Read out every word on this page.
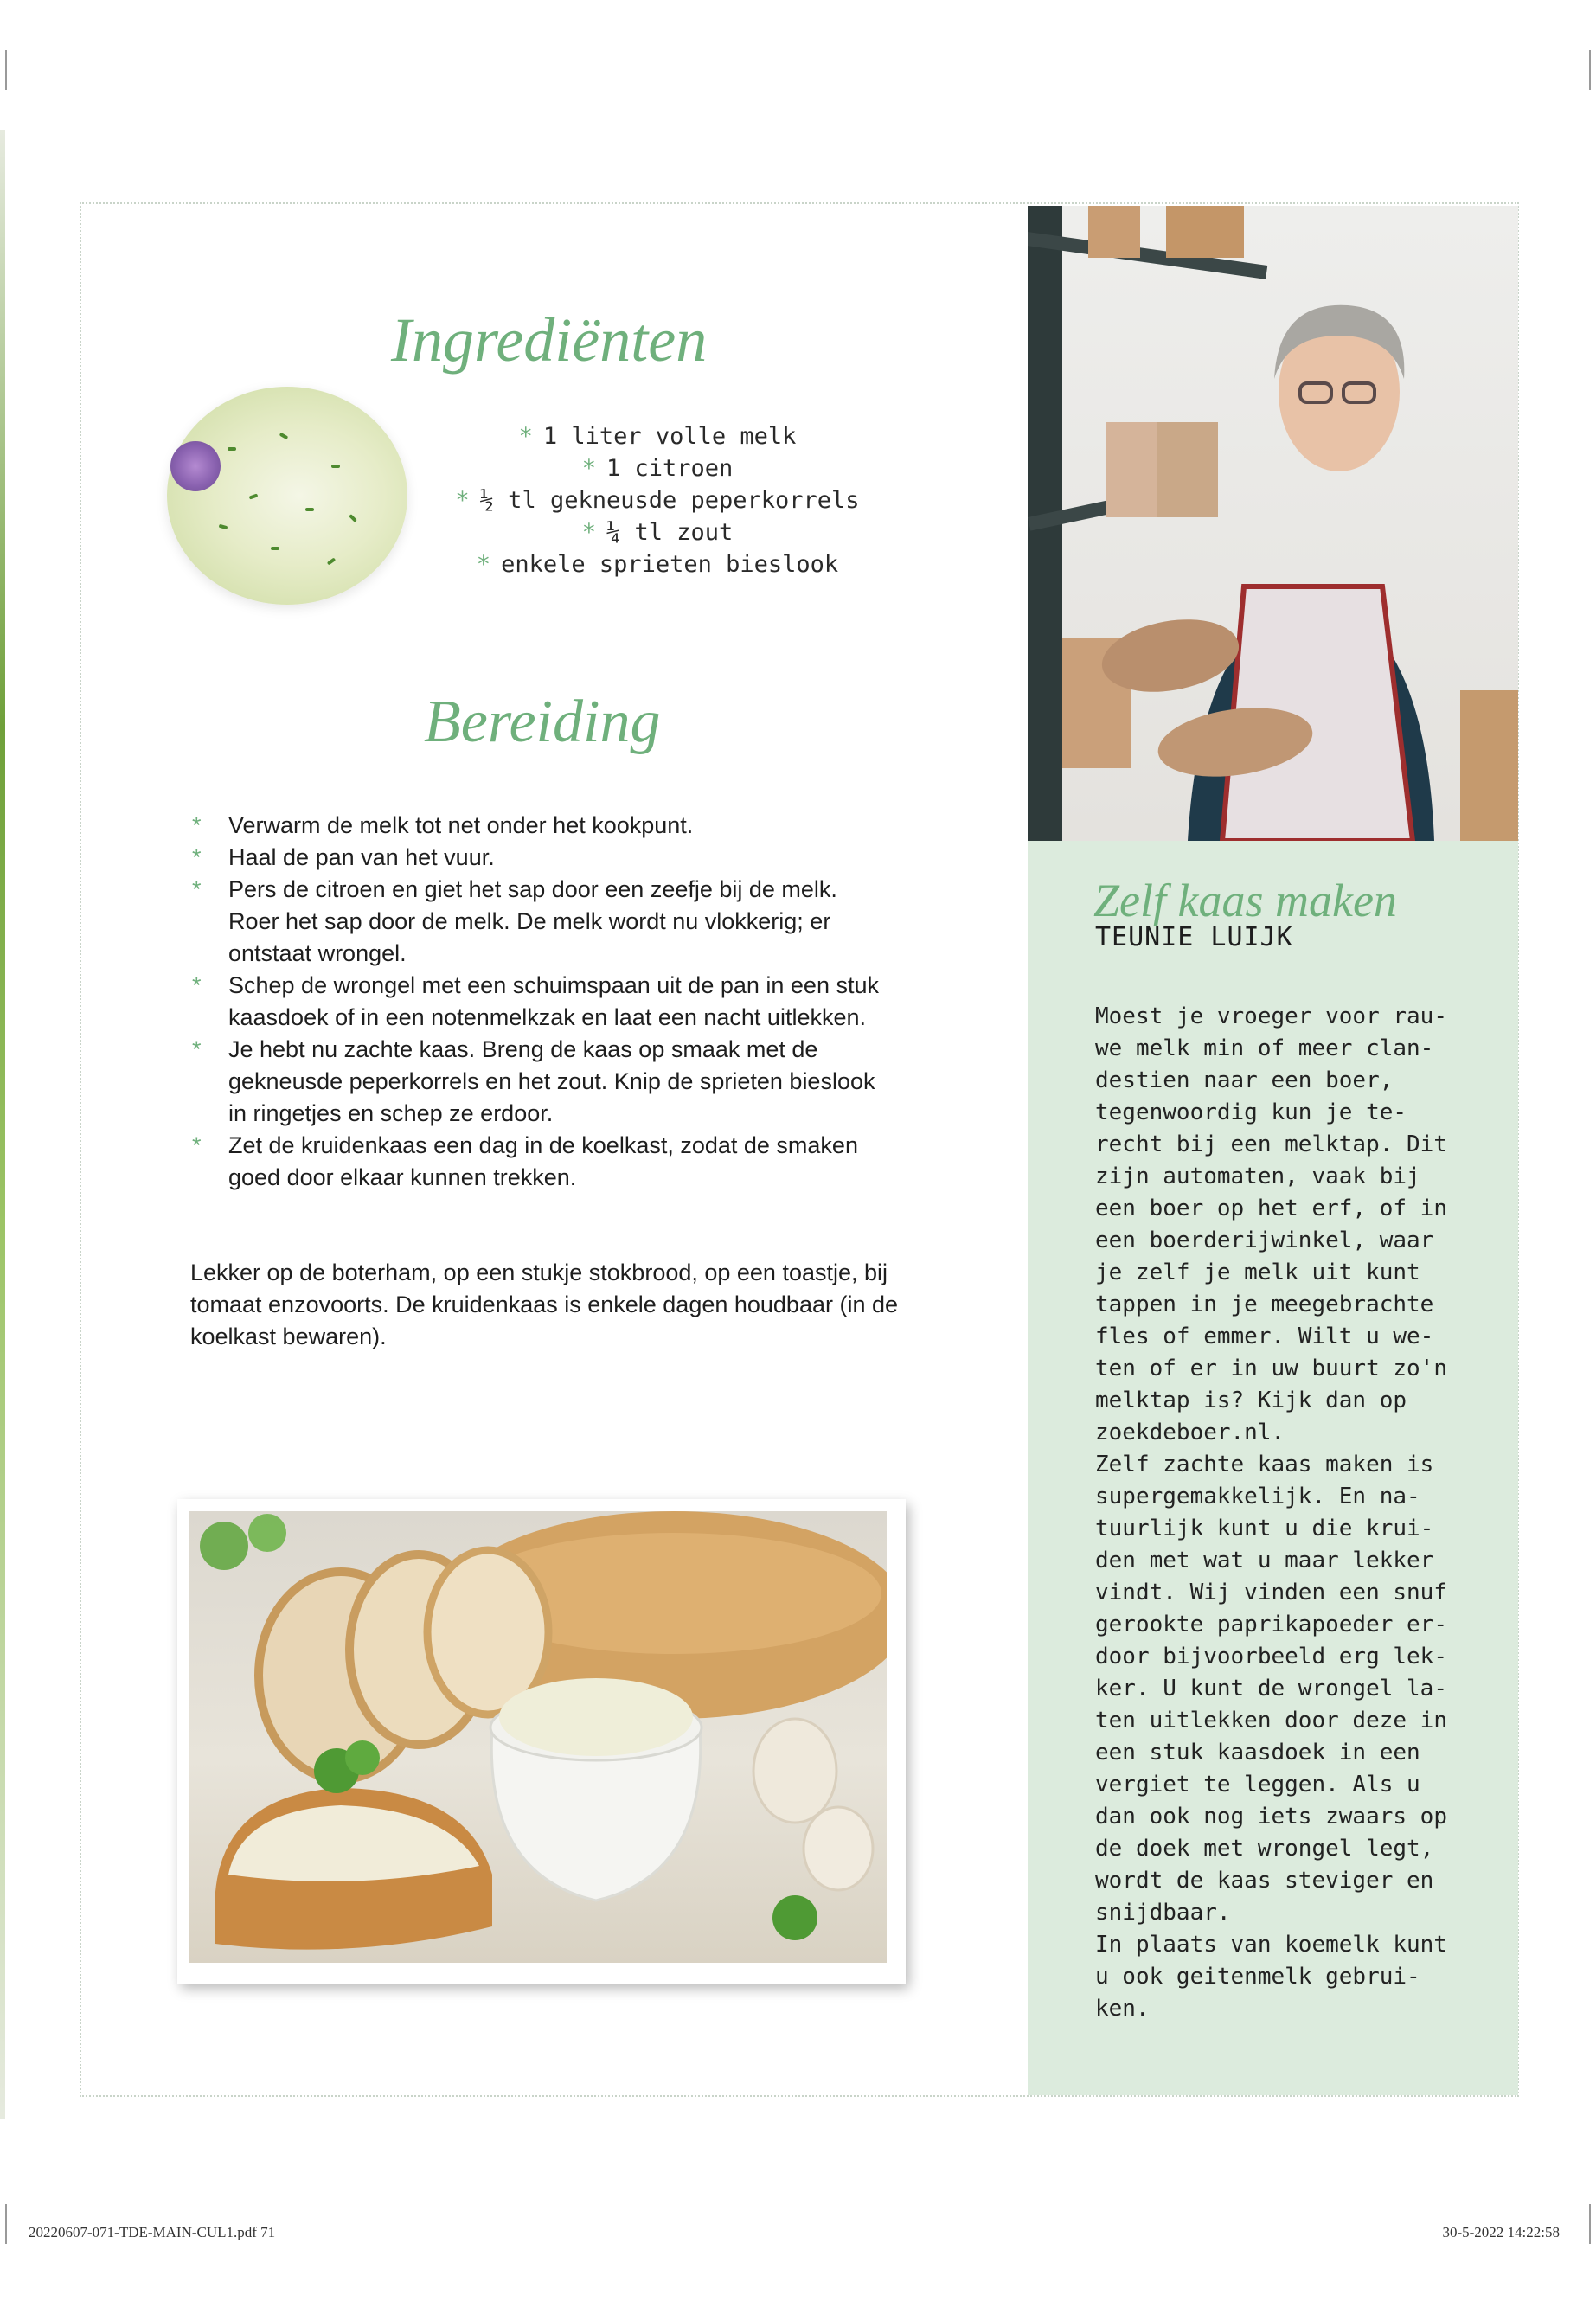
Ingrediënten
* 1 liter volle melk
* 1 citroen
* ½ tl gekneusde peperkorrels
* ¼ tl zout
* enkele sprieten bieslook
Bereiding
* Verwarm de melk tot net onder het kookpunt.
* Haal de pan van het vuur.
* Pers de citroen en giet het sap door een zeefje bij de melk. Roer het sap door de melk. De melk wordt nu vlokkerig; er ontstaat wrongel.
* Schep de wrongel met een schuimspaan uit de pan in een stuk kaasdoek of in een notenmelkzak en laat een nacht uitlekken.
* Je hebt nu zachte kaas. Breng de kaas op smaak met de gekneusde peperkorrels en het zout. Knip de sprieten bieslook in ringetjes en schep ze erdoor.
* Zet de kruidenkaas een dag in de koelkast, zodat de smaken goed door elkaar kunnen trekken.

Lekker op de boterham, op een stukje stokbrood, op een toastje, bij tomaat enzovoorts. De kruidenkaas is enkele dagen houdbaar (in de koelkast bewaren).

Zelf kaas maken

TEUNIE LUIJK

Moest je vroeger voor rau-
we melk min of meer clan-
destien naar een boer,
tegenwoordig kun je te-
recht bij een melktap. Dit
zijn automaten, vaak bij
een boer op het erf, of in
een boerderijwinkel, waar
je zelf je melk uit kunt
tappen in je meegebrachte
fles of emmer. Wilt u we-
ten of er in uw buurt zo'n
melktap is? Kijk dan op
zoekdeboer.nl.
Zelf zachte kaas maken is
supergemakkelijk. En na-
tuurlijk kunt u die krui-
den met wat u maar lekker
vindt. Wij vinden een snuf
gerookte paprikapoeder er-
door bijvoorbeeld erg lek-
ker. U kunt de wrongel la-
ten uitlekken door deze in
een stuk kaasdoek in een
vergiet te leggen. Als u
dan ook nog iets zwaars op
de doek met wrongel legt,
wordt de kaas steviger en
snijdbaar.
In plaats van koemelk kunt
u ook geitenmelk gebrui-
ken.

20220607-071-TDE-MAIN-CUL1.pdf 71	30-5-2022 14:22:58
